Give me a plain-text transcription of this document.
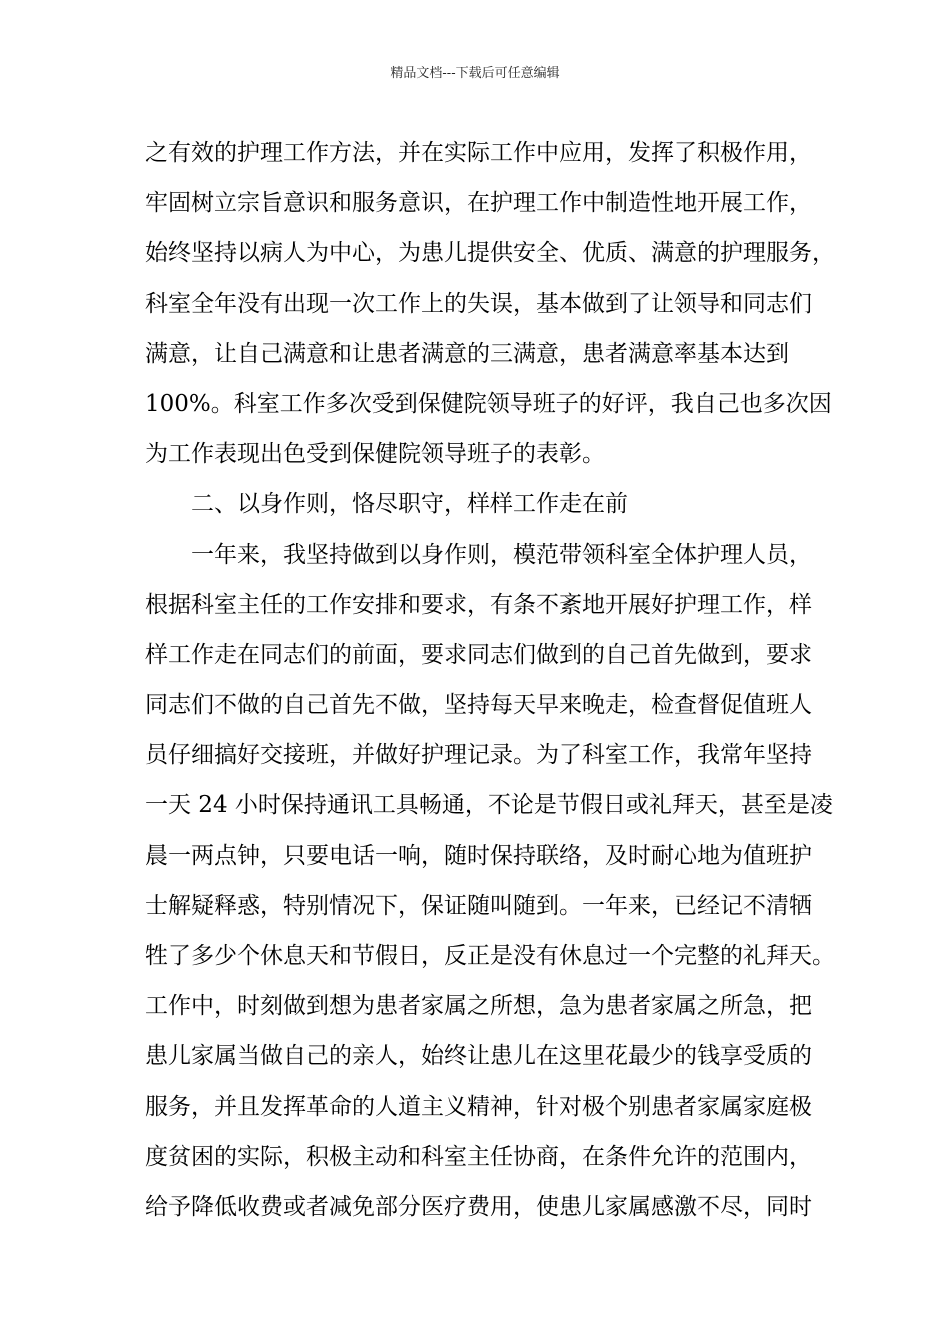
精品文档---下载后可任意编辑
之有效的护理工作方法，并在实际工作中应用，发挥了积极作用，
牢固树立宗旨意识和服务意识，在护理工作中制造性地开展工作，
始终坚持以病人为中心，为患儿提供安全、优质、满意的护理服务，
科室全年没有出现一次工作上的失误，基本做到了让领导和同志们
满意，让自己满意和让患者满意的三满意，患者满意率基本达到
100%。科室工作多次受到保健院领导班子的好评，我自己也多次因
为工作表现出色受到保健院领导班子的表彰。
二、以身作则，恪尽职守，样样工作走在前
一年来，我坚持做到以身作则，模范带领科室全体护理人员，
根据科室主任的工作安排和要求，有条不紊地开展好护理工作，样
样工作走在同志们的前面，要求同志们做到的自己首先做到，要求
同志们不做的自己首先不做，坚持每天早来晚走，检查督促值班人
员仔细搞好交接班，并做好护理记录。为了科室工作，我常年坚持
一天 24 小时保持通讯工具畅通，不论是节假日或礼拜天，甚至是凌
晨一两点钟，只要电话一响，随时保持联络，及时耐心地为值班护
士解疑释惑，特别情况下，保证随叫随到。一年来，已经记不清牺
牲了多少个休息天和节假日，反正是没有休息过一个完整的礼拜天。
工作中，时刻做到想为患者家属之所想，急为患者家属之所急，把
患儿家属当做自己的亲人，始终让患儿在这里花最少的钱享受质的
服务，并且发挥革命的人道主义精神，针对极个别患者家属家庭极
度贫困的实际，积极主动和科室主任协商，在条件允许的范围内，
给予降低收费或者减免部分医疗费用，使患儿家属感激不尽，同时
